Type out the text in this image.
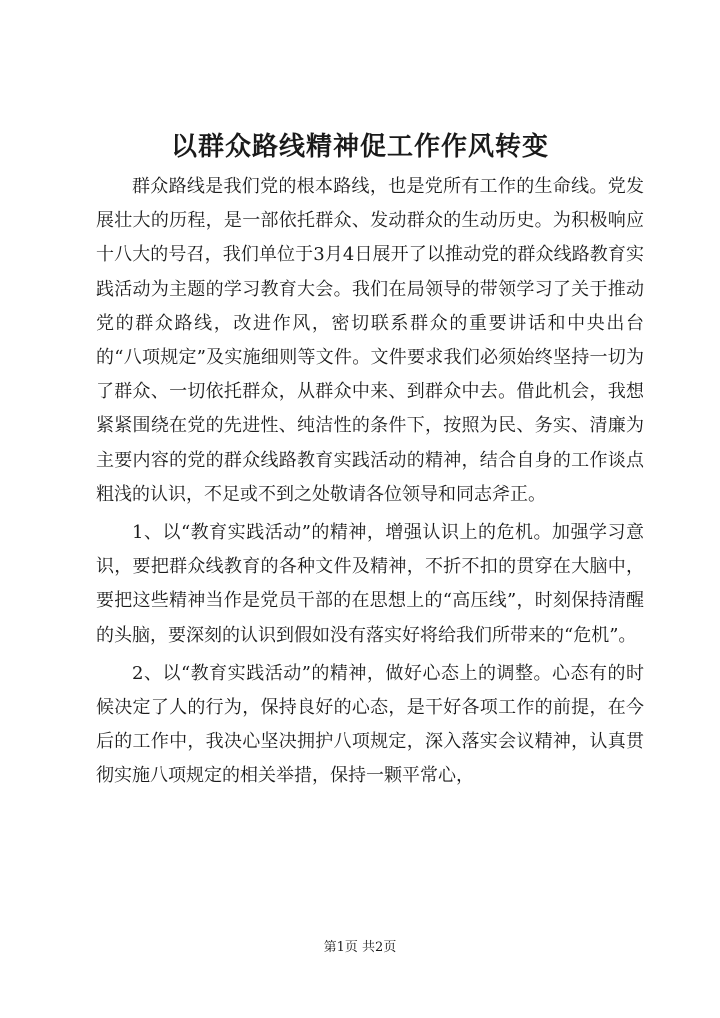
以群众路线精神促工作作风转变

群众路线是我们党的根本路线，也是党所有工作的生命线。党发展壮大的历程，是一部依托群众、发动群众的生动历史。为积极响应十八大的号召，我们单位于3月4日展开了以推动党的群众线路教育实践活动为主题的学习教育大会。我们在局领导的带领学习了关于推动党的群众路线，改进作风，密切联系群众的重要讲话和中央出台的“八项规定”及实施细则等文件。文件要求我们必须始终坚持一切为了群众、一切依托群众，从群众中来、到群众中去。借此机会，我想紧紧围绕在党的先进性、纯洁性的条件下，按照为民、务实、清廉为主要内容的党的群众线路教育实践活动的精神，结合自身的工作谈点粗浅的认识，不足或不到之处敬请各位领导和同志斧正。

1、以“教育实践活动”的精神，增强认识上的危机。加强学习意识，要把群众线教育的各种文件及精神，不折不扣的贯穿在大脑中，要把这些精神当作是党员干部的在思想上的“高压线”，时刻保持清醒的头脑，要深刻的认识到假如没有落实好将给我们所带来的“危机”。

2、以“教育实践活动”的精神，做好心态上的调整。心态有的时候决定了人的行为，保持良好的心态，是干好各项工作的前提，在今后的工作中，我决心坚决拥护八项规定，深入落实会议精神，认真贯彻实施八项规定的相关举措，保持一颗平常心，

第1页 共2页
